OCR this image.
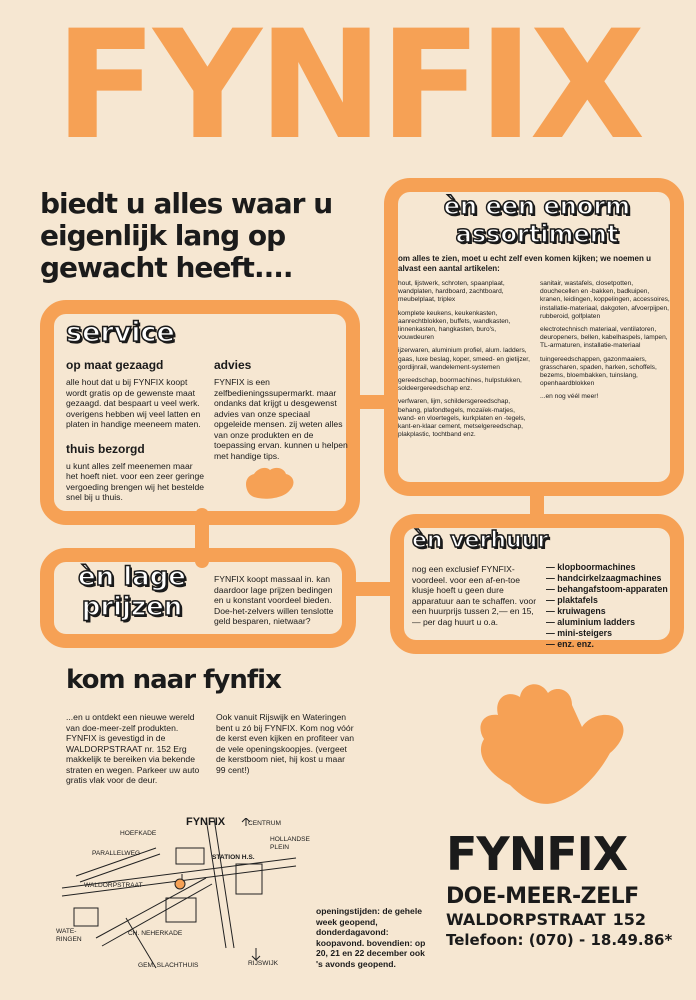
FYNFIX
biedt u alles waar u eigenlijk lang op gewacht heeft....
èn een enorm
assortiment
om alles te zien, moet u echt zelf even komen kijken; we noemen u alvast een aantal artikelen:

hout, lijstwerk, schroten, spaanplaat, wandplaten, hardboard, zachtboard, meubelplaat, triplex

komplete keukens, keukenkasten, aanrechtblokken, buffets, wandkasten, linnenkasten, hangkasten, buro's, vouwdeuren

ijzerwaren, aluminium profiel, alum. ladders, gaas, luxe beslag, koper, smeed- en gietijzer, gordijnrail, wandelement-systemen

gereedschap, boormachines, hulpstukken, soldeergereedschap enz.

verfwaren, lijm, schildersgereedschap, behang, plafondtegels, mozaïek-matjes, wand- en vloertegels, kurkplaten en -tegels, kant-en-klaar cement, metselgereedschap, plakplastic, tochtband enz.

sanitair, wastafels, closetpotten, douchecellen en -bakken, badkuipen, kranen, leidingen, koppelingen, accessoires, installatie-materiaal, dakgoten, afvoerpijpen, rubberoid, golfplaten

electrotechnisch materiaal, ventilatoren, deuropeners, bellen, kabelhaspels, lampen, TL-armaturen, installatie-materiaal

tuingereedschappen, gazonmaaiers, grasscharen, spaden, harken, schoffels, bezems, bloembakken, tuinslang, openhaardblokken

...en nog véél meer!

service
op maat gezaagd

alle hout dat u bij FYNFIX koopt wordt gratis op de gewenste maat gezaagd. dat bespaart u veel werk. overigens hebben wij veel latten en platen in handige meeneem maten.

thuis bezorgd

u kunt alles zelf meenemen maar het hoeft niet. voor een zeer geringe vergoeding brengen wij het bestelde snel bij u thuis.

advies

FYNFIX is een zelfbedieningssupermarkt. maar ondanks dat krijgt u desgewenst advies van onze speciaal opgeleide mensen. zij weten alles van onze produkten en de toepassing ervan. kunnen u helpen met handige tips.

èn lage
prijzen
FYNFIX koopt massaal in. kan daardoor lage prijzen bedingen en u konstant voordeel bieden. Doe-het-zelvers willen tenslotte geld besparen, nietwaar?
èn verhuur
nog een exclusief FYNFIX-voordeel. voor een af-en-toe klusje hoeft u geen dure apparatuur aan te schaffen. voor een huurprijs tussen 2,— en 15,— per dag huurt u o.a.
— klopboormachines
— handcirkelzaagmachines
— behangafstoom-apparaten
— plaktafels
— kruiwagens
— aluminium ladders
— mini-steigers
— enz. enz.
kom naar fynfix
...en u ontdekt een nieuwe wereld van doe-meer-zelf produkten. FYNFIX is gevestigd in de WALDORPSTRAAT nr. 152 Erg makkelijk te bereiken via bekende straten en wegen. Parkeer uw auto gratis vlak voor de deur.
Ook vanuit Rijswijk en Wateringen bent u zó bij FYNFIX. Kom nog vóór de kerst even kijken en profiteer van de vele openingskoopjes. (vergeet de kerstboom niet, hij kost u maar 99 cent!)
FYNFIX
STATION H.S.
CENTRUM
WALDORPSTRAAT
GEM. SLACHTHUIS	RIJSWIJK
WATE-RINGEN
CH. NEHERKADE
HOEFKADE
PARALLELWEG
HOLLANDSE PLEIN
openingstijden: de gehele week geopend, donderdagavond: koopavond. bovendien: op 20, 21 en 22 december ook 's avonds geopend.
FYNFIX
DOE-MEER-ZELF
WALDORPSTRAAT 152
Telefoon: (070) - 18.49.86*
